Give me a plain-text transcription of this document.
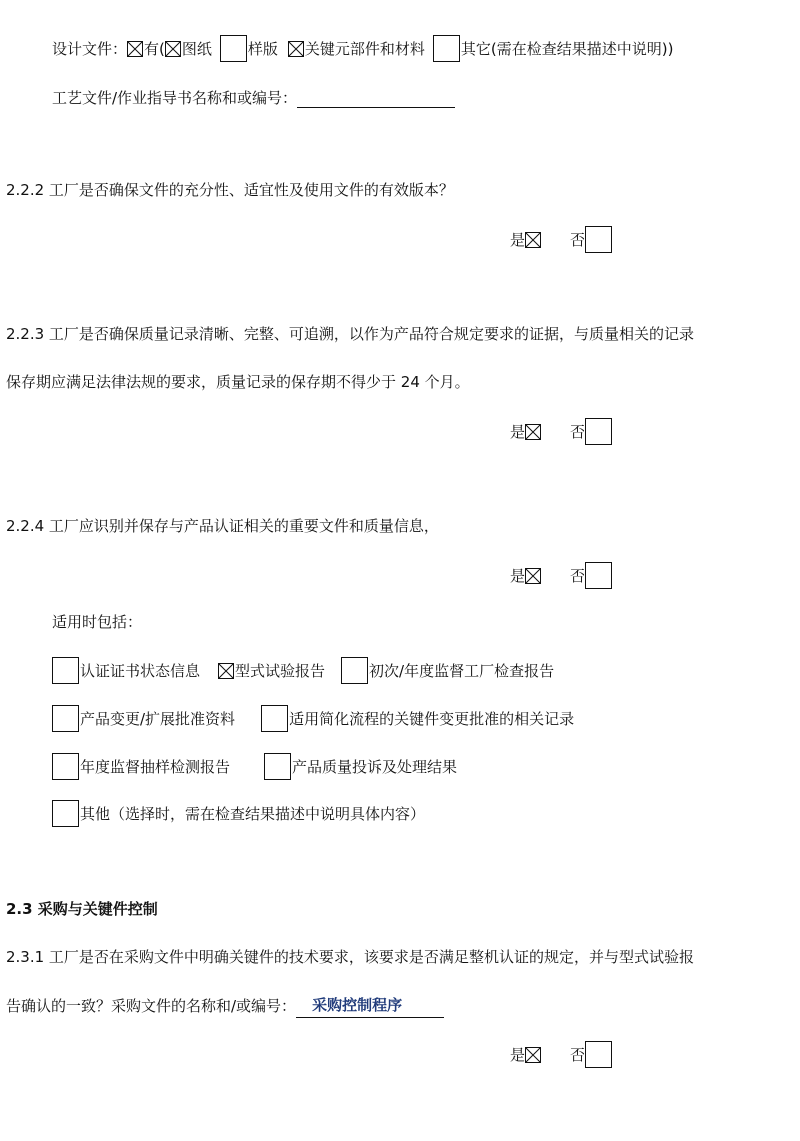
设计文件： 有( 图纸 样版 关键元部件和材料 其它(需在检查结果描述中说明))
工艺文件/作业指导书名称和或编号：
2.2.2 工厂是否确保文件的充分性、适宜性及使用文件的有效版本？
是	否
2.2.3 工厂是否确保质量记录清晰、完整、可追溯，以作为产品符合规定要求的证据，与质量相关的记录
保存期应满足法律法规的要求，质量记录的保存期不得少于 24 个月。
是	否
2.2.4 工厂应识别并保存与产品认证相关的重要文件和质量信息，
是	否
适用时包括：
认证证书状态信息 型式试验报告	初次/年度监督工厂检查报告
产品变更/扩展批准资料	适用简化流程的关键件变更批准的相关记录
年度监督抽样检测报告	产品质量投诉及处理结果
其他（选择时，需在检查结果描述中说明具体内容）
2.3 采购与关键件控制
2.3.1 工厂是否在采购文件中明确关键件的技术要求，该要求是否满足整机认证的规定，并与型式试验报
告确认的一致？采购文件的名称和/或编号：	采购控制程序
是	否
